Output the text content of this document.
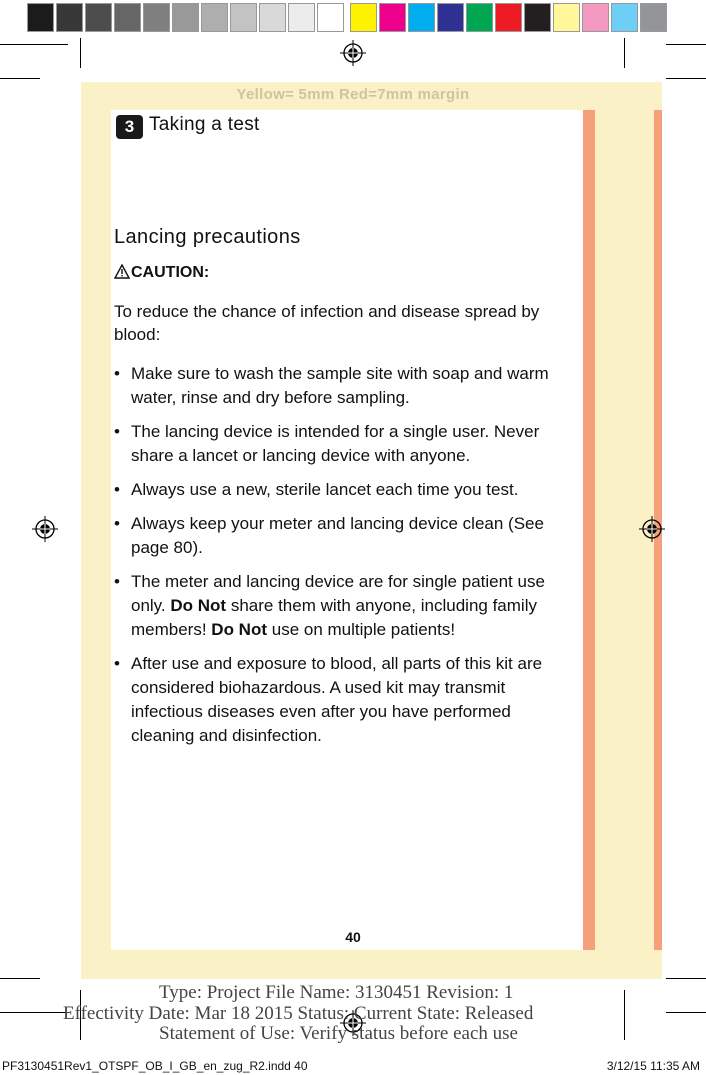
Yellow= 5mm Red=7mm margin
3 Taking a test
Lancing precautions
CAUTION:
To reduce the chance of infection and disease spread by blood:
• Make sure to wash the sample site with soap and warm water, rinse and dry before sampling.
• The lancing device is intended for a single user. Never share a lancet or lancing device with anyone.
• Always use a new, sterile lancet each time you test.
• Always keep your meter and lancing device clean (See page 80).
• The meter and lancing device are for single patient use only. Do Not share them with anyone, including family members! Do Not use on multiple patients!
• After use and exposure to blood, all parts of this kit are considered biohazardous. A used kit may transmit infectious diseases even after you have performed cleaning and disinfection.
40
Type: Project File Name: 3130451 Revision: 1
Effectivity Date: Mar 18 2015 Status: Current State: Released
Statement of Use: Verify status before each use
PF3130451Rev1_OTSPF_OB_I_GB_en_zug_R2.indd 40	3/12/15 11:35 AM
